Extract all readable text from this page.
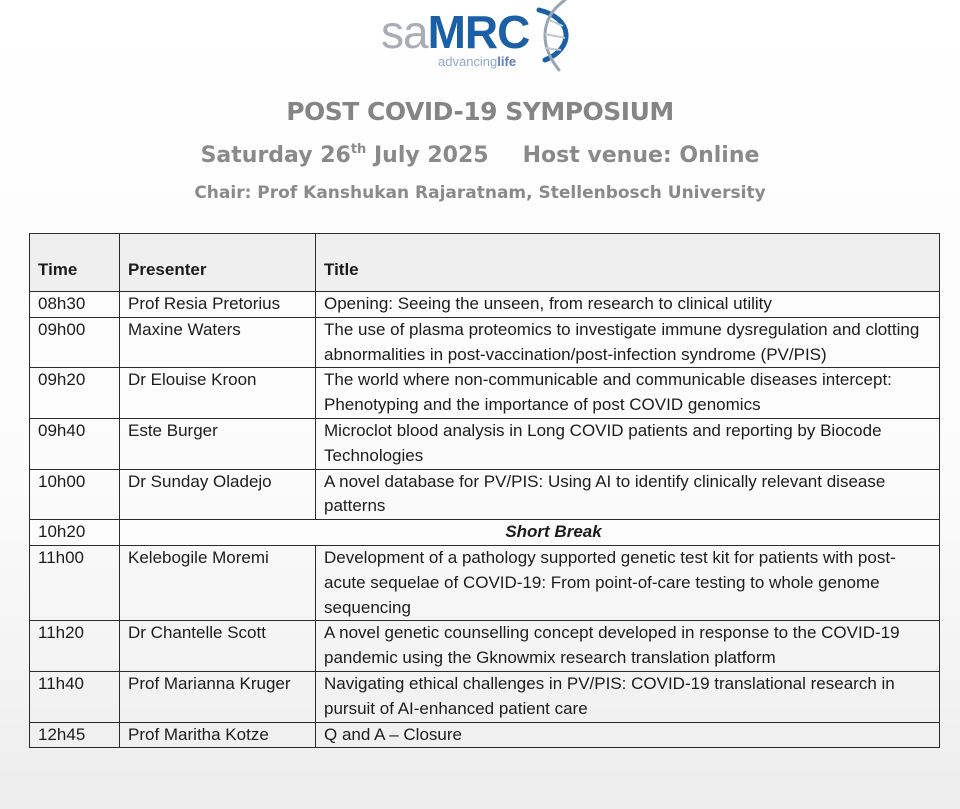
saMRC
advancinglife
POST COVID-19 SYMPOSIUM
Saturday 26th July 2025 Host venue: Online
Chair: Prof Kanshukan Rajaratnam, Stellenbosch University
Time	Presenter	Title
08h30	Prof Resia Pretorius	Opening: Seeing the unseen, from research to clinical utility
09h00	Maxine Waters	The use of plasma proteomics to investigate immune dysregulation and clotting abnormalities in post-vaccination/post-infection syndrome (PV/PIS)
09h20	Dr Elouise Kroon	The world where non-communicable and communicable diseases intercept: Phenotyping and the importance of post COVID genomics
09h40	Este Burger	Microclot blood analysis in Long COVID patients and reporting by Biocode Technologies
10h00	Dr Sunday Oladejo	A novel database for PV/PIS: Using AI to identify clinically relevant disease patterns
10h20	Short Break	

11h00	Kelebogile Moremi	Development of a pathology supported genetic test kit for patients with post-acute sequelae of COVID-19: From point-of-care testing to whole genome sequencing
11h20	Dr Chantelle Scott	A novel genetic counselling concept developed in response to the COVID-19 pandemic using the Gknowmix research translation platform
11h40	Prof Marianna Kruger	Navigating ethical challenges in PV/PIS: COVID-19 translational research in pursuit of AI-enhanced patient care
12h45	Prof Maritha Kotze	Q and A – Closure
